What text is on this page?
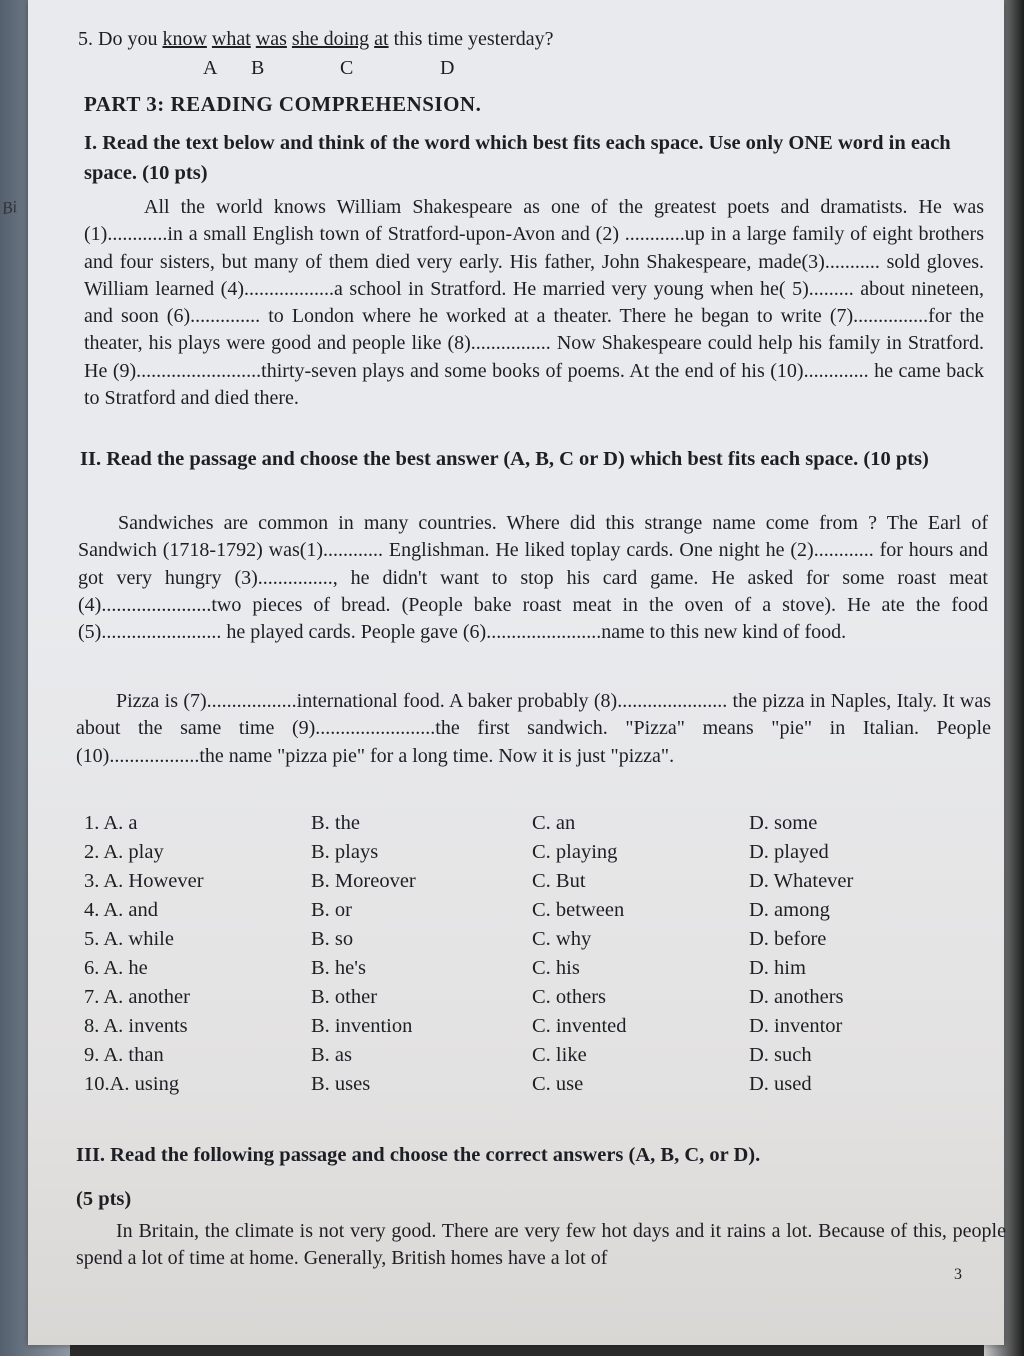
Bi
5. Do you know what was she doing at this time yesterday?
A B	C	D
PART 3: READING COMPREHENSION.
I. Read the text below and think of the word which best fits each space. Use only ONE word in each space. (10 pts)

All the world knows William Shakespeare as one of the greatest poets and dramatists. He was (1)............in a small English town of Stratford-upon-Avon and (2) ............up in a large family of eight brothers and four sisters, but many of them died very early. His father, John Shakespeare, made(3)........... sold gloves. William learned (4)..................a school in Stratford. He married very young when he( 5)......... about nineteen, and soon (6).............. to London where he worked at a theater. There he began to write (7)...............for the theater, his plays were good and people like (8)................ Now Shakespeare could help his family in Stratford. He (9).........................thirty-seven plays and some books of poems. At the end of his (10)............. he came back to Stratford and died there.

II. Read the passage and choose the best answer (A, B, C or D) which best fits each space. (10 pts)

Sandwiches are common in many countries. Where did this strange name come from ? The Earl of Sandwich (1718-1792) was(1)............ Englishman. He liked toplay cards. One night he (2)............ for hours and got very hungry (3)..............., he didn't want to stop his card game. He asked for some roast meat (4)......................two pieces of bread. (People bake roast meat in the oven of a stove). He ate the food (5)........................ he played cards. People gave (6).......................name to this new kind of food.

Pizza is (7)..................international food. A baker probably (8)...................... the pizza in Naples, Italy. It was about the same time (9)........................the first sandwich. "Pizza" means "pie" in Italian. People (10)..................the name "pizza pie" for a long time. Now it is just "pizza".

1. A. a	B. the	C. an	D. some
2. A. play	B. plays	C. playing	D. played
3. A. However	B. Moreover	C. But	D. Whatever
4. A. and	B. or	C. between	D. among
5. A. while	B. so	C. why	D. before
6. A. he	B. he's	C. his	D. him
7. A. another	B. other	C. others	D. anothers
8. A. invents	B. invention	C. invented	D. inventor
9. A. than	B. as	C. like	D. such
10.A. using	B. uses	C. use	D. used
III. Read the following passage and choose the correct answers (A, B, C, or D).
(5 pts)

In Britain, the climate is not very good. There are very few hot days and it rains a lot. Because of this, people spend a lot of time at home. Generally, British homes have a lot of

3
